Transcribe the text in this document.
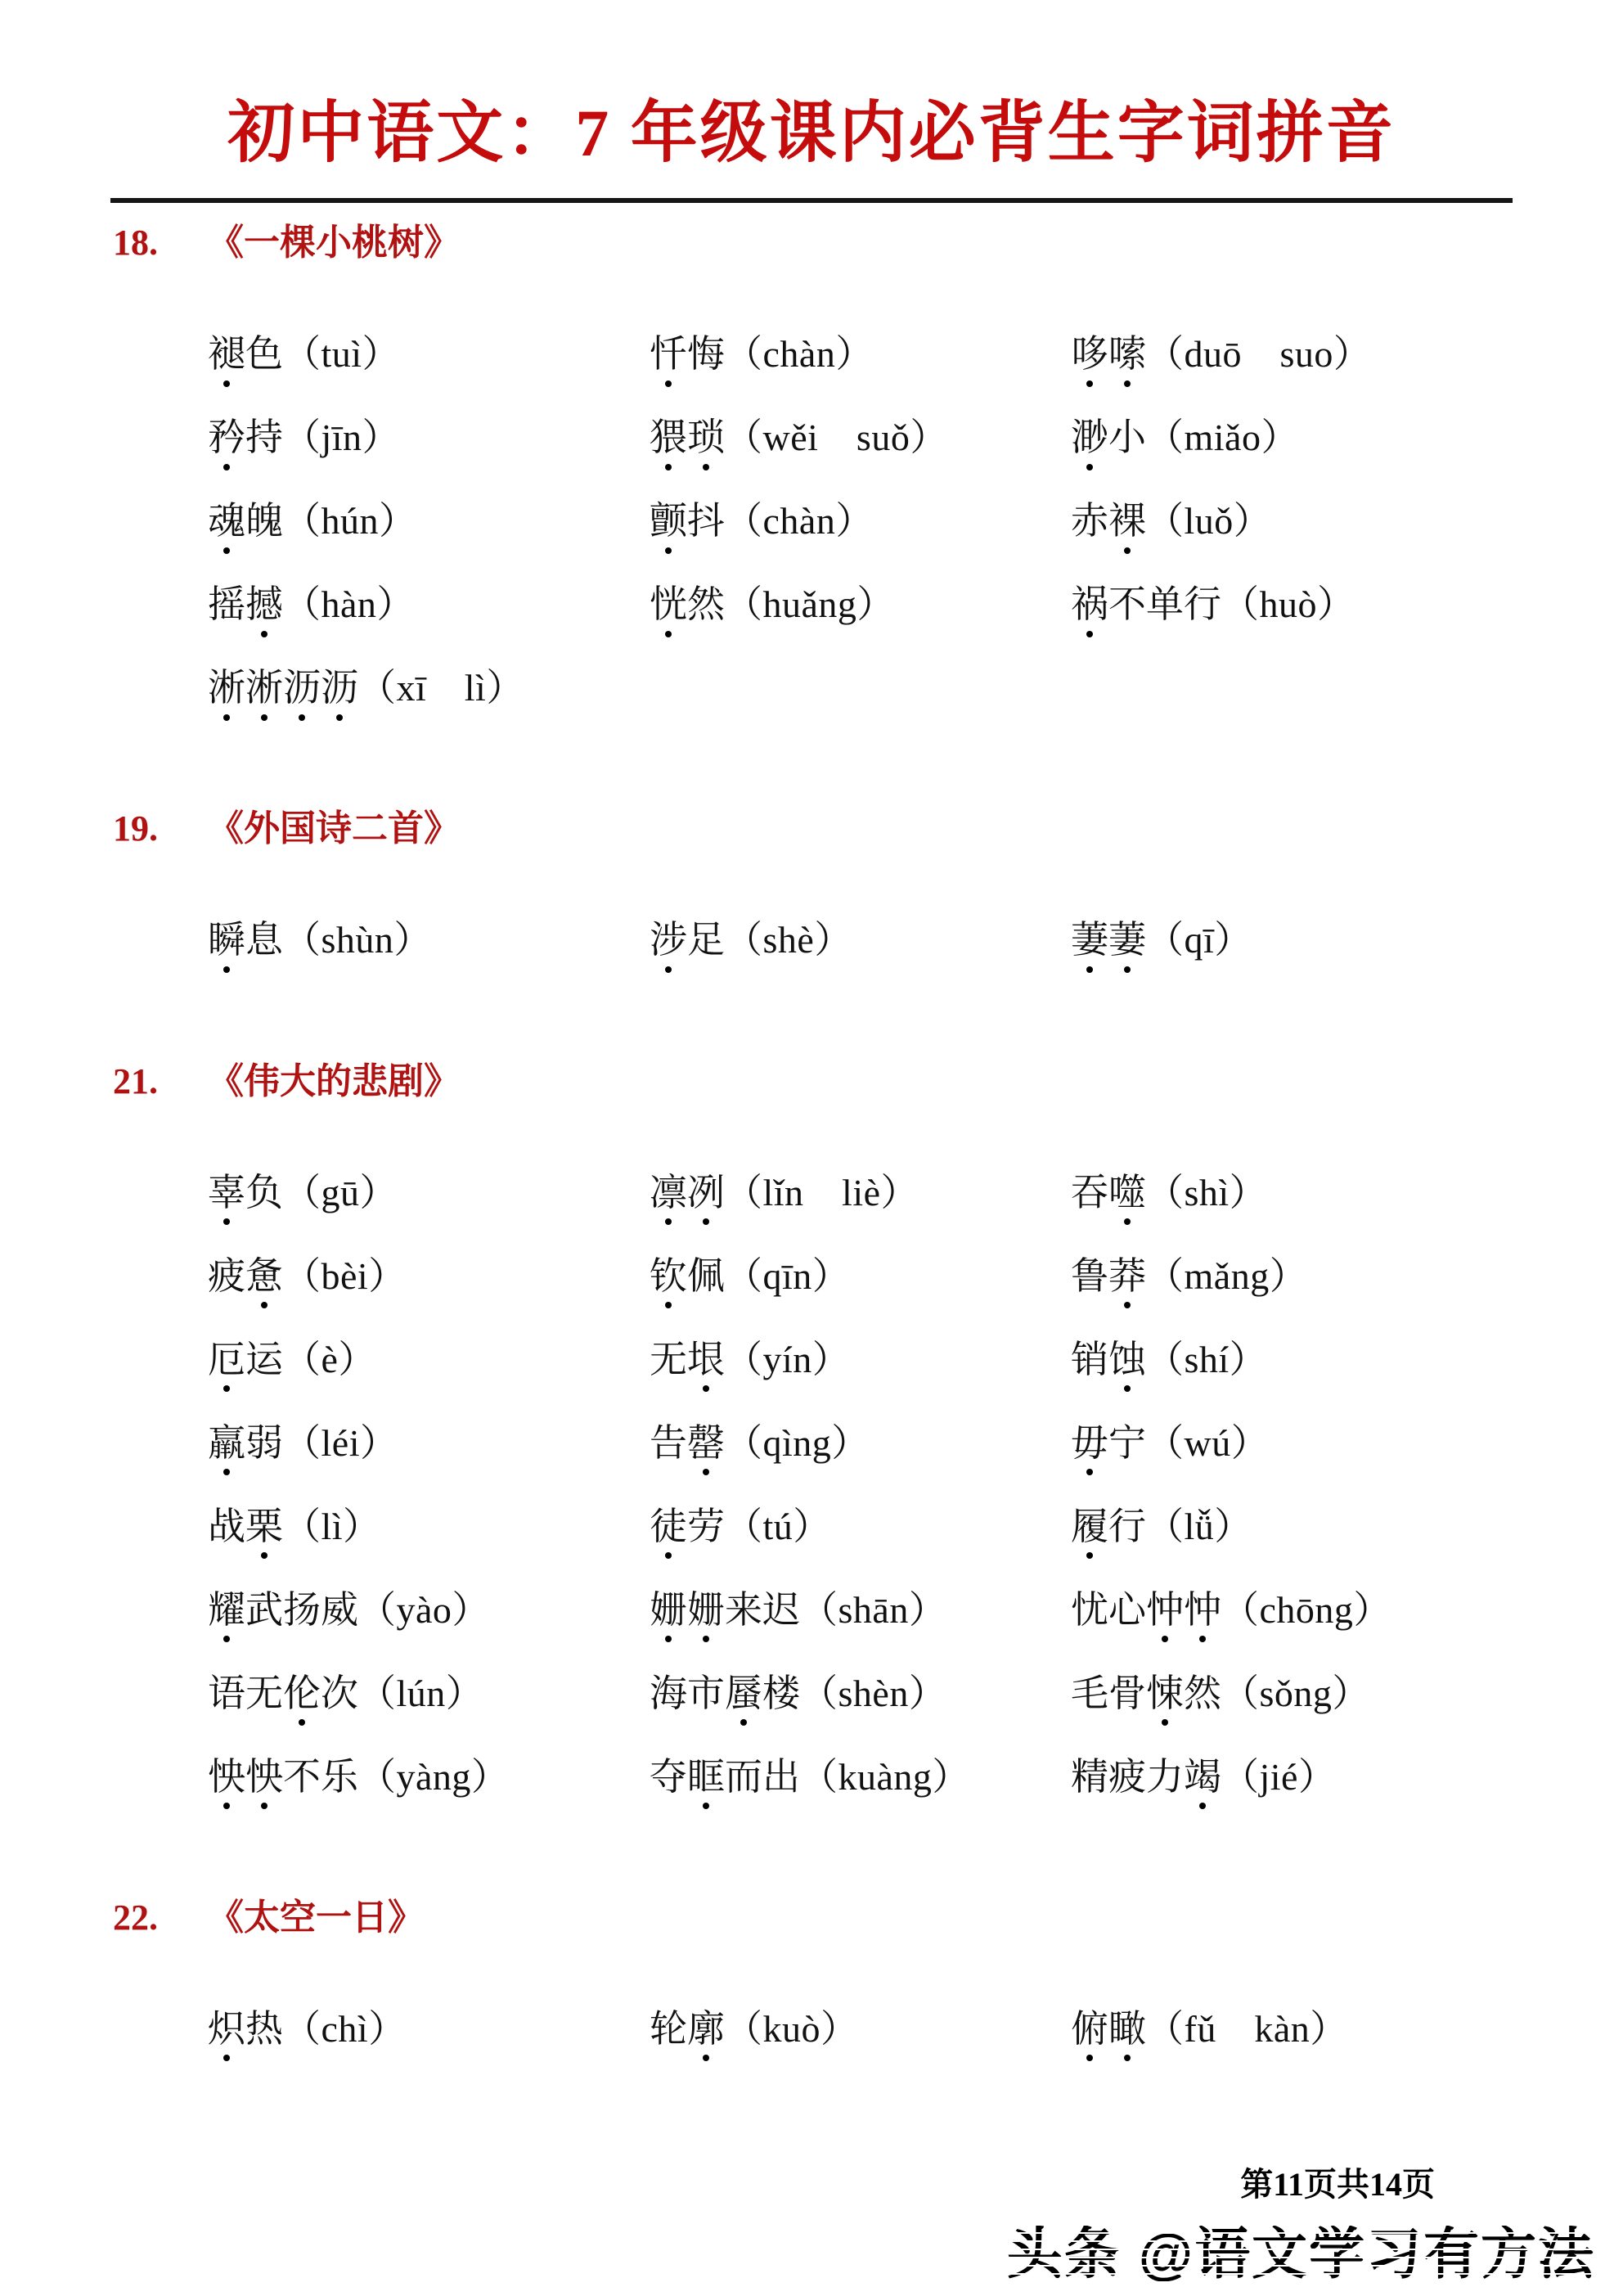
初中语文：7 年级课内必背生字词拼音
18. 《一棵小桃树》
褪色（tuì）	忏悔（chàn）	哆嗦（duō　suo）
矜持（jīn）	猥琐（wěi　suǒ）	渺小（miǎo）
魂魄（hún）	颤抖（chàn）	赤裸（luǒ）
摇撼（hàn）	恍然（huǎng）	祸不单行（huò）
淅淅沥沥（xī　lì）
19. 《外国诗二首》
瞬息（shùn）	涉足（shè）	萋萋（qī）
21. 《伟大的悲剧》
辜负（gū）	凛冽（lǐn　liè）	吞噬（shì）
疲惫（bèi）	钦佩（qīn）	鲁莽（mǎng）
厄运（è）	无垠（yín）	销蚀（shí）
羸弱（léi）	告罄（qìng）	毋宁（wú）
战栗（lì）	徒劳（tú）	履行（lǚ）
耀武扬威（yào）	姗姗来迟（shān）	忧心忡忡（chōng）
语无伦次（lún）	海市蜃楼（shèn）	毛骨悚然（sǒng）
怏怏不乐（yàng）	夺眶而出（kuàng）	精疲力竭（jié）
22. 《太空一日》
炽热（chì）	轮廓（kuò）	俯瞰（fǔ　kàn）
第11页共14页
头条 @语文学习有方法
